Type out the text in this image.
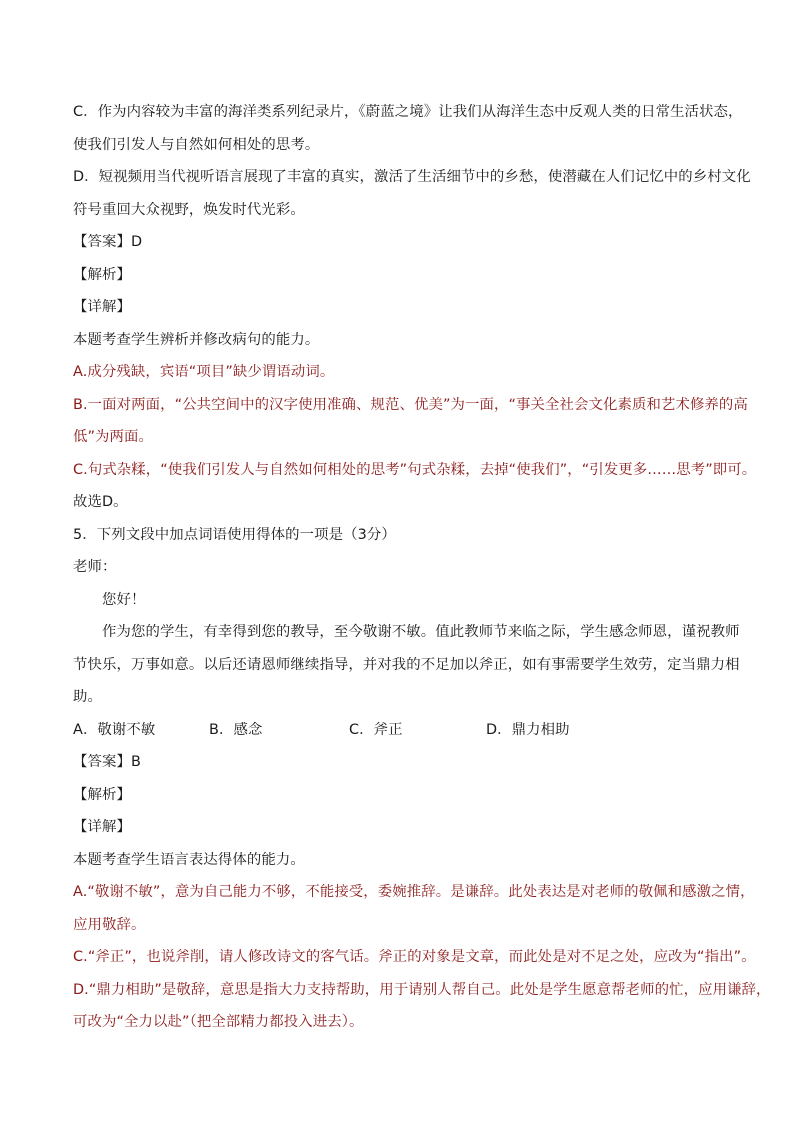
C．作为内容较为丰富的海洋类系列纪录片，《蔚蓝之境》让我们从海洋生态中反观人类的日常生活状态，
使我们引发人与自然如何相处的思考。
D．短视频用当代视听语言展现了丰富的真实，激活了生活细节中的乡愁，使潜藏在人们记忆中的乡村文化
符号重回大众视野，焕发时代光彩。
【答案】D
【解析】
【详解】
本题考查学生辨析并修改病句的能力。
A.成分残缺，宾语“项目”缺少谓语动词。
B.一面对两面，“公共空间中的汉字使用准确、规范、优美”为一面，“事关全社会文化素质和艺术修养的高
低”为两面。
C.句式杂糅，“使我们引发人与自然如何相处的思考”句式杂糅，去掉“使我们”，“引发更多……思考”即可。
故选D。
5．下列文段中加点词语使用得体的一项是（3分）
老师：
您好！
作为您的学生，有幸得到您的教导，至今敬谢不敏。值此教师节来临之际，学生感念师恩，谨祝教师
节快乐，万事如意。以后还请恩师继续指导，并对我的不足加以斧正，如有事需要学生效劳，定当鼎力相
助。
A．敬谢不敏	B．感念	C．斧正	D．鼎力相助
【答案】B
【解析】
【详解】
本题考查学生语言表达得体的能力。
A.“敬谢不敏”，意为自己能力不够，不能接受，委婉推辞。是谦辞。此处表达是对老师的敬佩和感激之情，
应用敬辞。
C.“斧正”，也说斧削，请人修改诗文的客气话。斧正的对象是文章，而此处是对不足之处，应改为“指出”。
D.“鼎力相助”是敬辞，意思是指大力支持帮助，用于请别人帮自己。此处是学生愿意帮老师的忙，应用谦辞，
可改为“全力以赴”（把全部精力都投入进去）。
